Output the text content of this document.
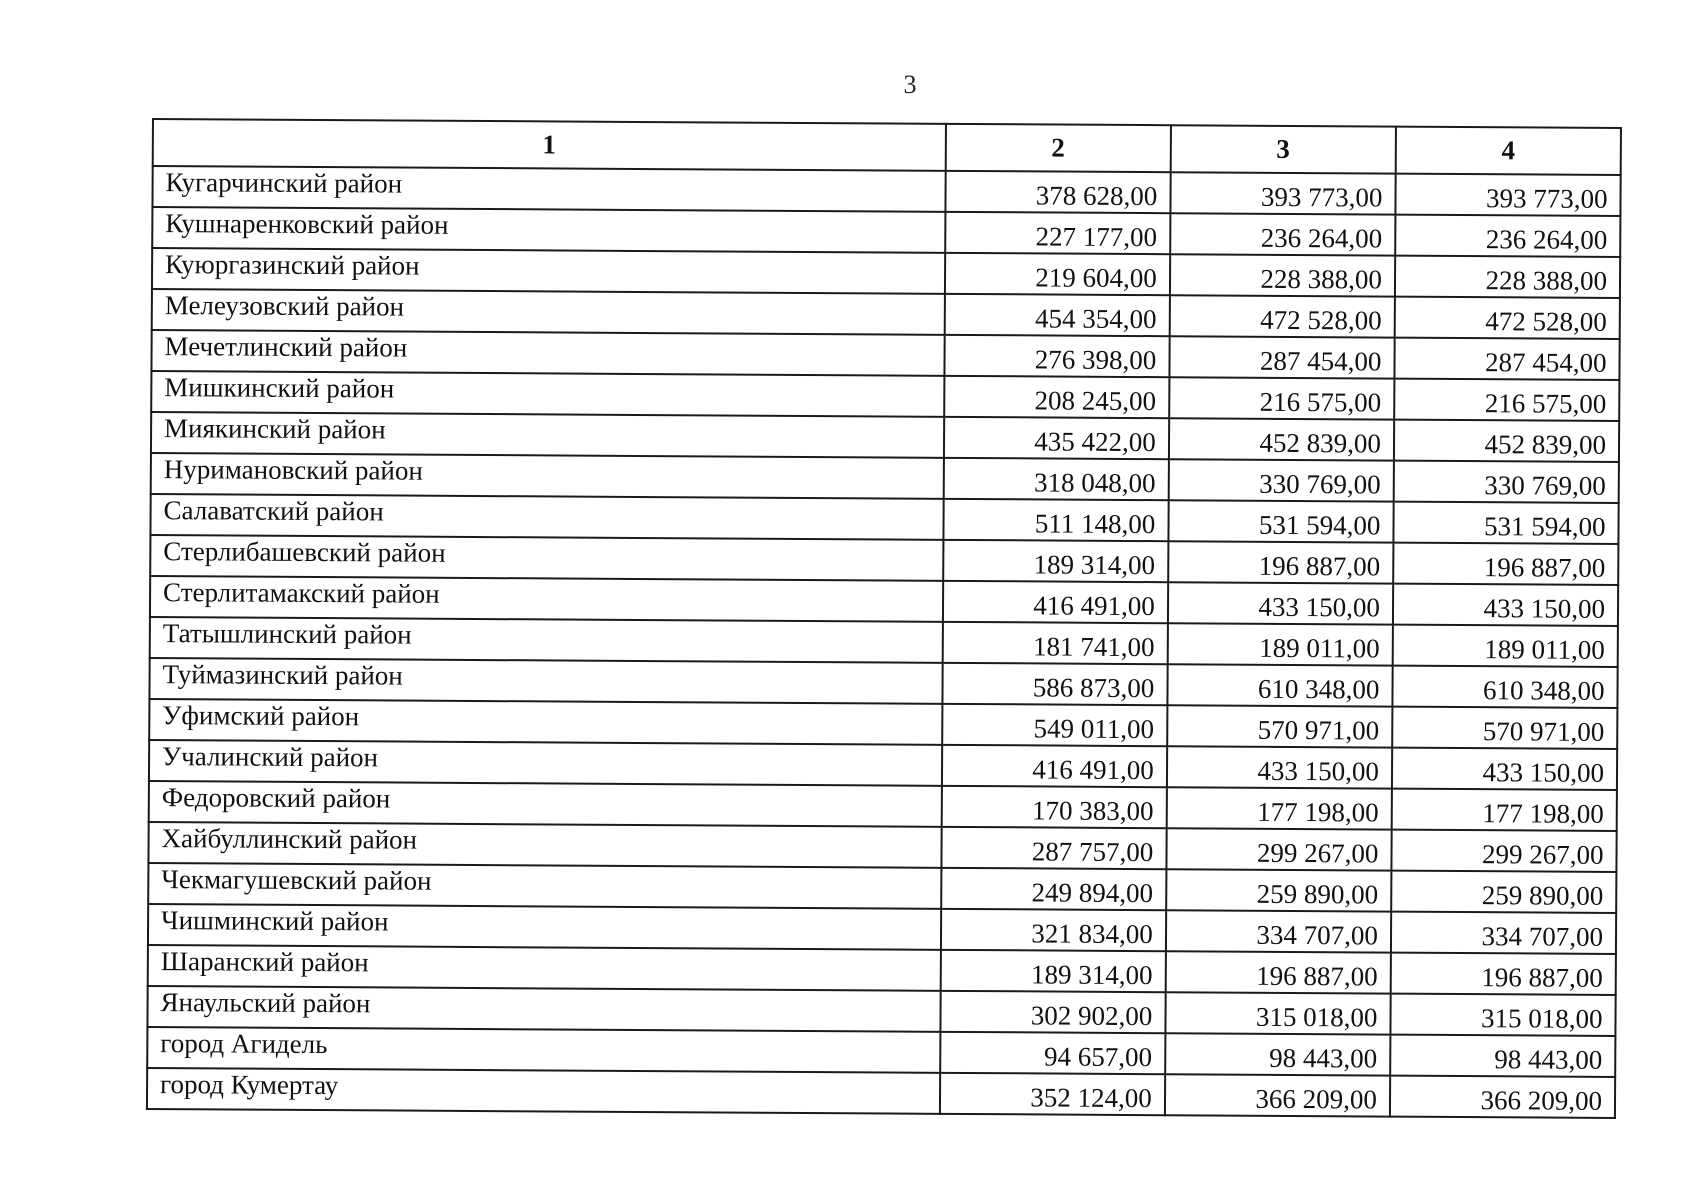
3
1	2	3	4
Кугарчинский район	378 628,00	393 773,00	393 773,00
Кушнаренковский район	227 177,00	236 264,00	236 264,00
Куюргазинский район	219 604,00	228 388,00	228 388,00
Мелеузовский район	454 354,00	472 528,00	472 528,00
Мечетлинский район	276 398,00	287 454,00	287 454,00
Мишкинский район	208 245,00	216 575,00	216 575,00
Миякинский район	435 422,00	452 839,00	452 839,00
Нуримановский район	318 048,00	330 769,00	330 769,00
Салаватский район	511 148,00	531 594,00	531 594,00
Стерлибашевский район	189 314,00	196 887,00	196 887,00
Стерлитамакский район	416 491,00	433 150,00	433 150,00
Татышлинский район	181 741,00	189 011,00	189 011,00
Туймазинский район	586 873,00	610 348,00	610 348,00
Уфимский район	549 011,00	570 971,00	570 971,00
Учалинский район	416 491,00	433 150,00	433 150,00
Федоровский район	170 383,00	177 198,00	177 198,00
Хайбуллинский район	287 757,00	299 267,00	299 267,00
Чекмагушевский район	249 894,00	259 890,00	259 890,00
Чишминский район	321 834,00	334 707,00	334 707,00
Шаранский район	189 314,00	196 887,00	196 887,00
Янаульский район	302 902,00	315 018,00	315 018,00
город Агидель	94 657,00	98 443,00	98 443,00
город Кумертау	352 124,00	366 209,00	366 209,00
